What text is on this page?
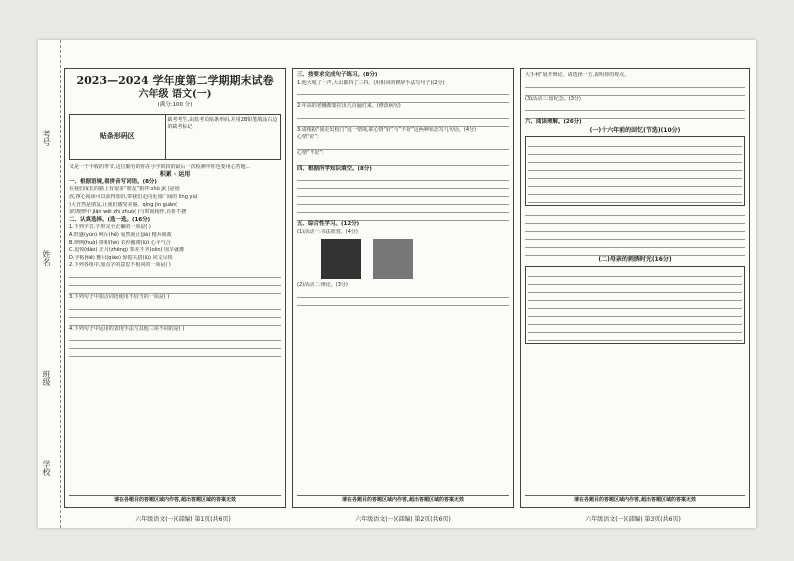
考号
姓名
班级
学校
2023—2024 学年度第二学期期末试卷
六年级 语文(一)
(满分:100 分)
贴条形码区
缺考考生,由监考员贴条形码,并用2B铅笔填涂右边的缺考标记
又是一个丰收的季节,这位勤劳的你在小学阶段的最后一次检测中你也要用心答题...
积累 · 运用
一、根据语境,看拼音写词语。(8分)
在我们成长的路上有很多“朋友”相伴:shǔ jì( )是别
放,撑心阅读可以获得知识,带我们走向更加广阔的 lǐng yù(
)大自然是朋友,让我们感受美丽。qīng jìn guān(
)的规律中 jiān wěi zhí zhuó( )与时间相伴,百折不挠
二、认真选择。(选一选。(16分)
1.下列字音,字形完全正确的一项是( )
A.旺盛(yùn) 呵斥(hē) 戛然而止(jiá) 精兵简政
B.律例(huǒ) 拼和(hé) 衣衫褴褛(lǚ) 心平气合
C.追悼(dào) 正月(zhēng) 参差不齐(cēn) 围旱就灌
D.字帖(tiē) 雅目(qiào) 惊慌失措(lǚ) 同文尽快
2.下列各组中,加点字的意思不相同的一项是( )
3.下列句子中加点词语使用不恰当的一项是( )
4.下列句子中运用的表现手法与其他三项不同的是( )
请在各题目的答题区域内作答,超出答题区域的答案无效
三、按要求完成句子练习。(8分)
1.他大吼了一声,大山都抖了三抖。(用相同的修辞手法写句子)(2分)
2.年高的老栅都要拄出几百遍灯来。(修改病句)
3.请根据“我走出校门”这一情境,联心情“好”与“不好”这两种状态写几句话。(4分)
心情“好”:
心情“不好”:
四、根据所学知识填空。(8分)
五、综合性学习。(12分)
(1)活动一:书法欣赏。(4分)
(2)活动二:辩论。(3分)
请在各题目的答题区域内作答,超出答题区域的答案无效
大手利“展开辩论。请选择一方,说明你的观点。
(3)活动三:留纪念。(3分)
六、阅读理解。(26分)
(一)十六年前的回忆(节选)(10分)
(二)母亲的刺绣时光(16分)
请在各题目的答题区域内作答,超出答题区域的答案无效
六年级语文(一)(部编) 第1页(共6页)	六年级语文(一)(部编) 第2页(共6页)	六年级语文(一)(部编) 第3页(共6页)
